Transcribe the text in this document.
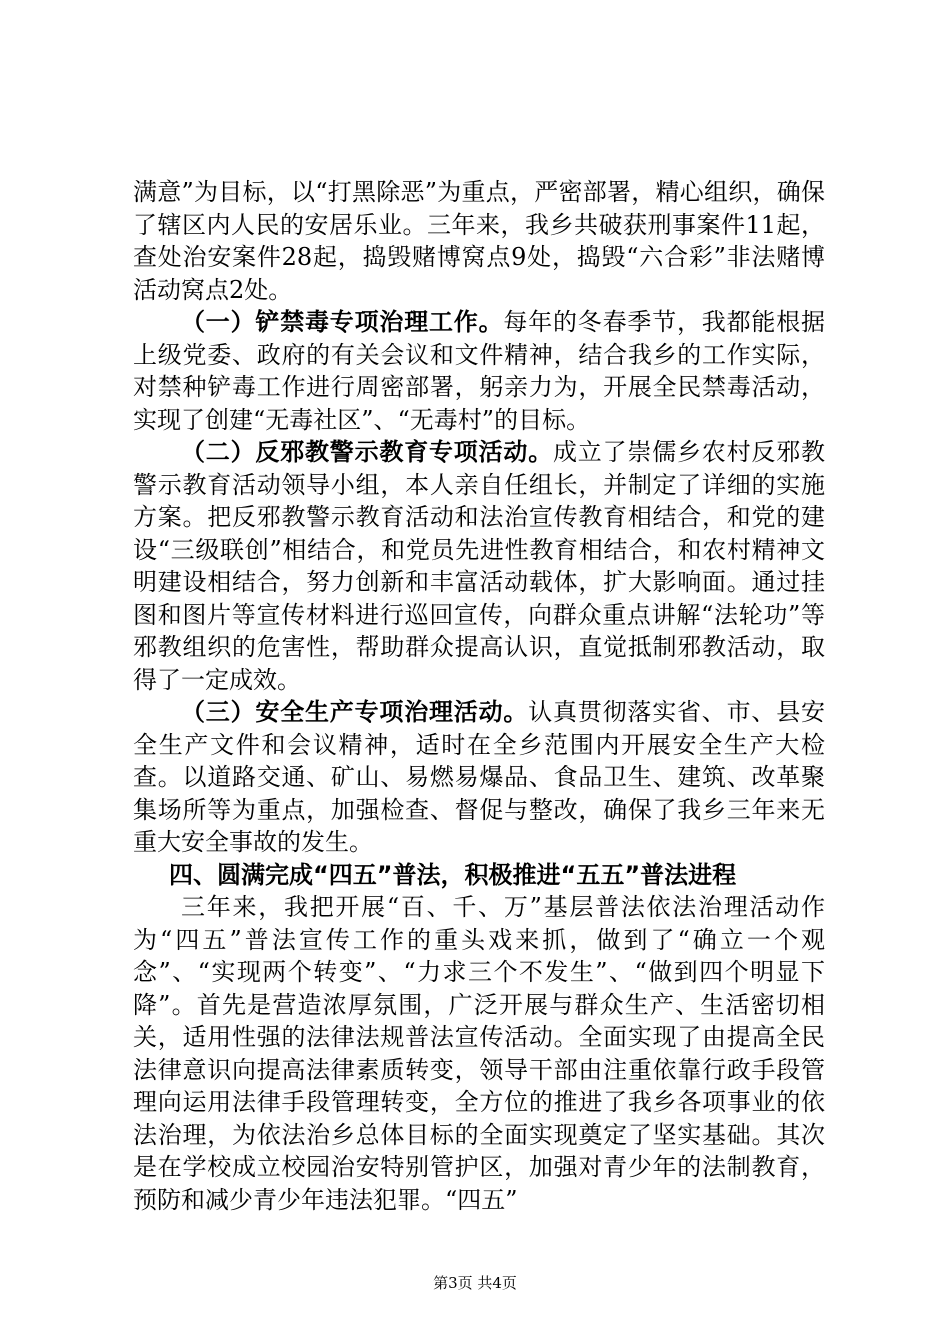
满意”为目标，以“打黑除恶”为重点，严密部署，精心组织，确保了辖区内人民的安居乐业。三年来，我乡共破获刑事案件11起，查处治安案件28起，捣毁赌博窝点9处，捣毁“六合彩”非法赌博活动窝点2处。

（一）铲禁毒专项治理工作。每年的冬春季节，我都能根据上级党委、政府的有关会议和文件精神，结合我乡的工作实际，对禁种铲毒工作进行周密部署，躬亲力为，开展全民禁毒活动，实现了创建“无毒社区”、“无毒村”的目标。

（二）反邪教警示教育专项活动。成立了崇儒乡农村反邪教警示教育活动领导小组，本人亲自任组长，并制定了详细的实施方案。把反邪教警示教育活动和法治宣传教育相结合，和党的建设“三级联创”相结合，和党员先进性教育相结合，和农村精神文明建设相结合，努力创新和丰富活动载体，扩大影响面。通过挂图和图片等宣传材料进行巡回宣传，向群众重点讲解“法轮功”等邪教组织的危害性，帮助群众提高认识，直觉抵制邪教活动，取得了一定成效。

（三）安全生产专项治理活动。认真贯彻落实省、市、县安全生产文件和会议精神，适时在全乡范围内开展安全生产大检查。以道路交通、矿山、易燃易爆品、食品卫生、建筑、改革聚集场所等为重点，加强检查、督促与整改，确保了我乡三年来无重大安全事故的发生。

四、圆满完成“四五”普法，积极推进“五五”普法进程

三年来，我把开展“百、千、万”基层普法依法治理活动作为“四五”普法宣传工作的重头戏来抓，做到了“确立一个观念”、“实现两个转变”、“力求三个不发生”、“做到四个明显下降”。首先是营造浓厚氛围，广泛开展与群众生产、生活密切相关，适用性强的法律法规普法宣传活动。全面实现了由提高全民法律意识向提高法律素质转变，领导干部由注重依靠行政手段管理向运用法律手段管理转变，全方位的推进了我乡各项事业的依法治理，为依法治乡总体目标的全面实现奠定了坚实基础。其次是在学校成立校园治安特别管护区，加强对青少年的法制教育，预防和减少青少年违法犯罪。“四五”

第3页 共4页
